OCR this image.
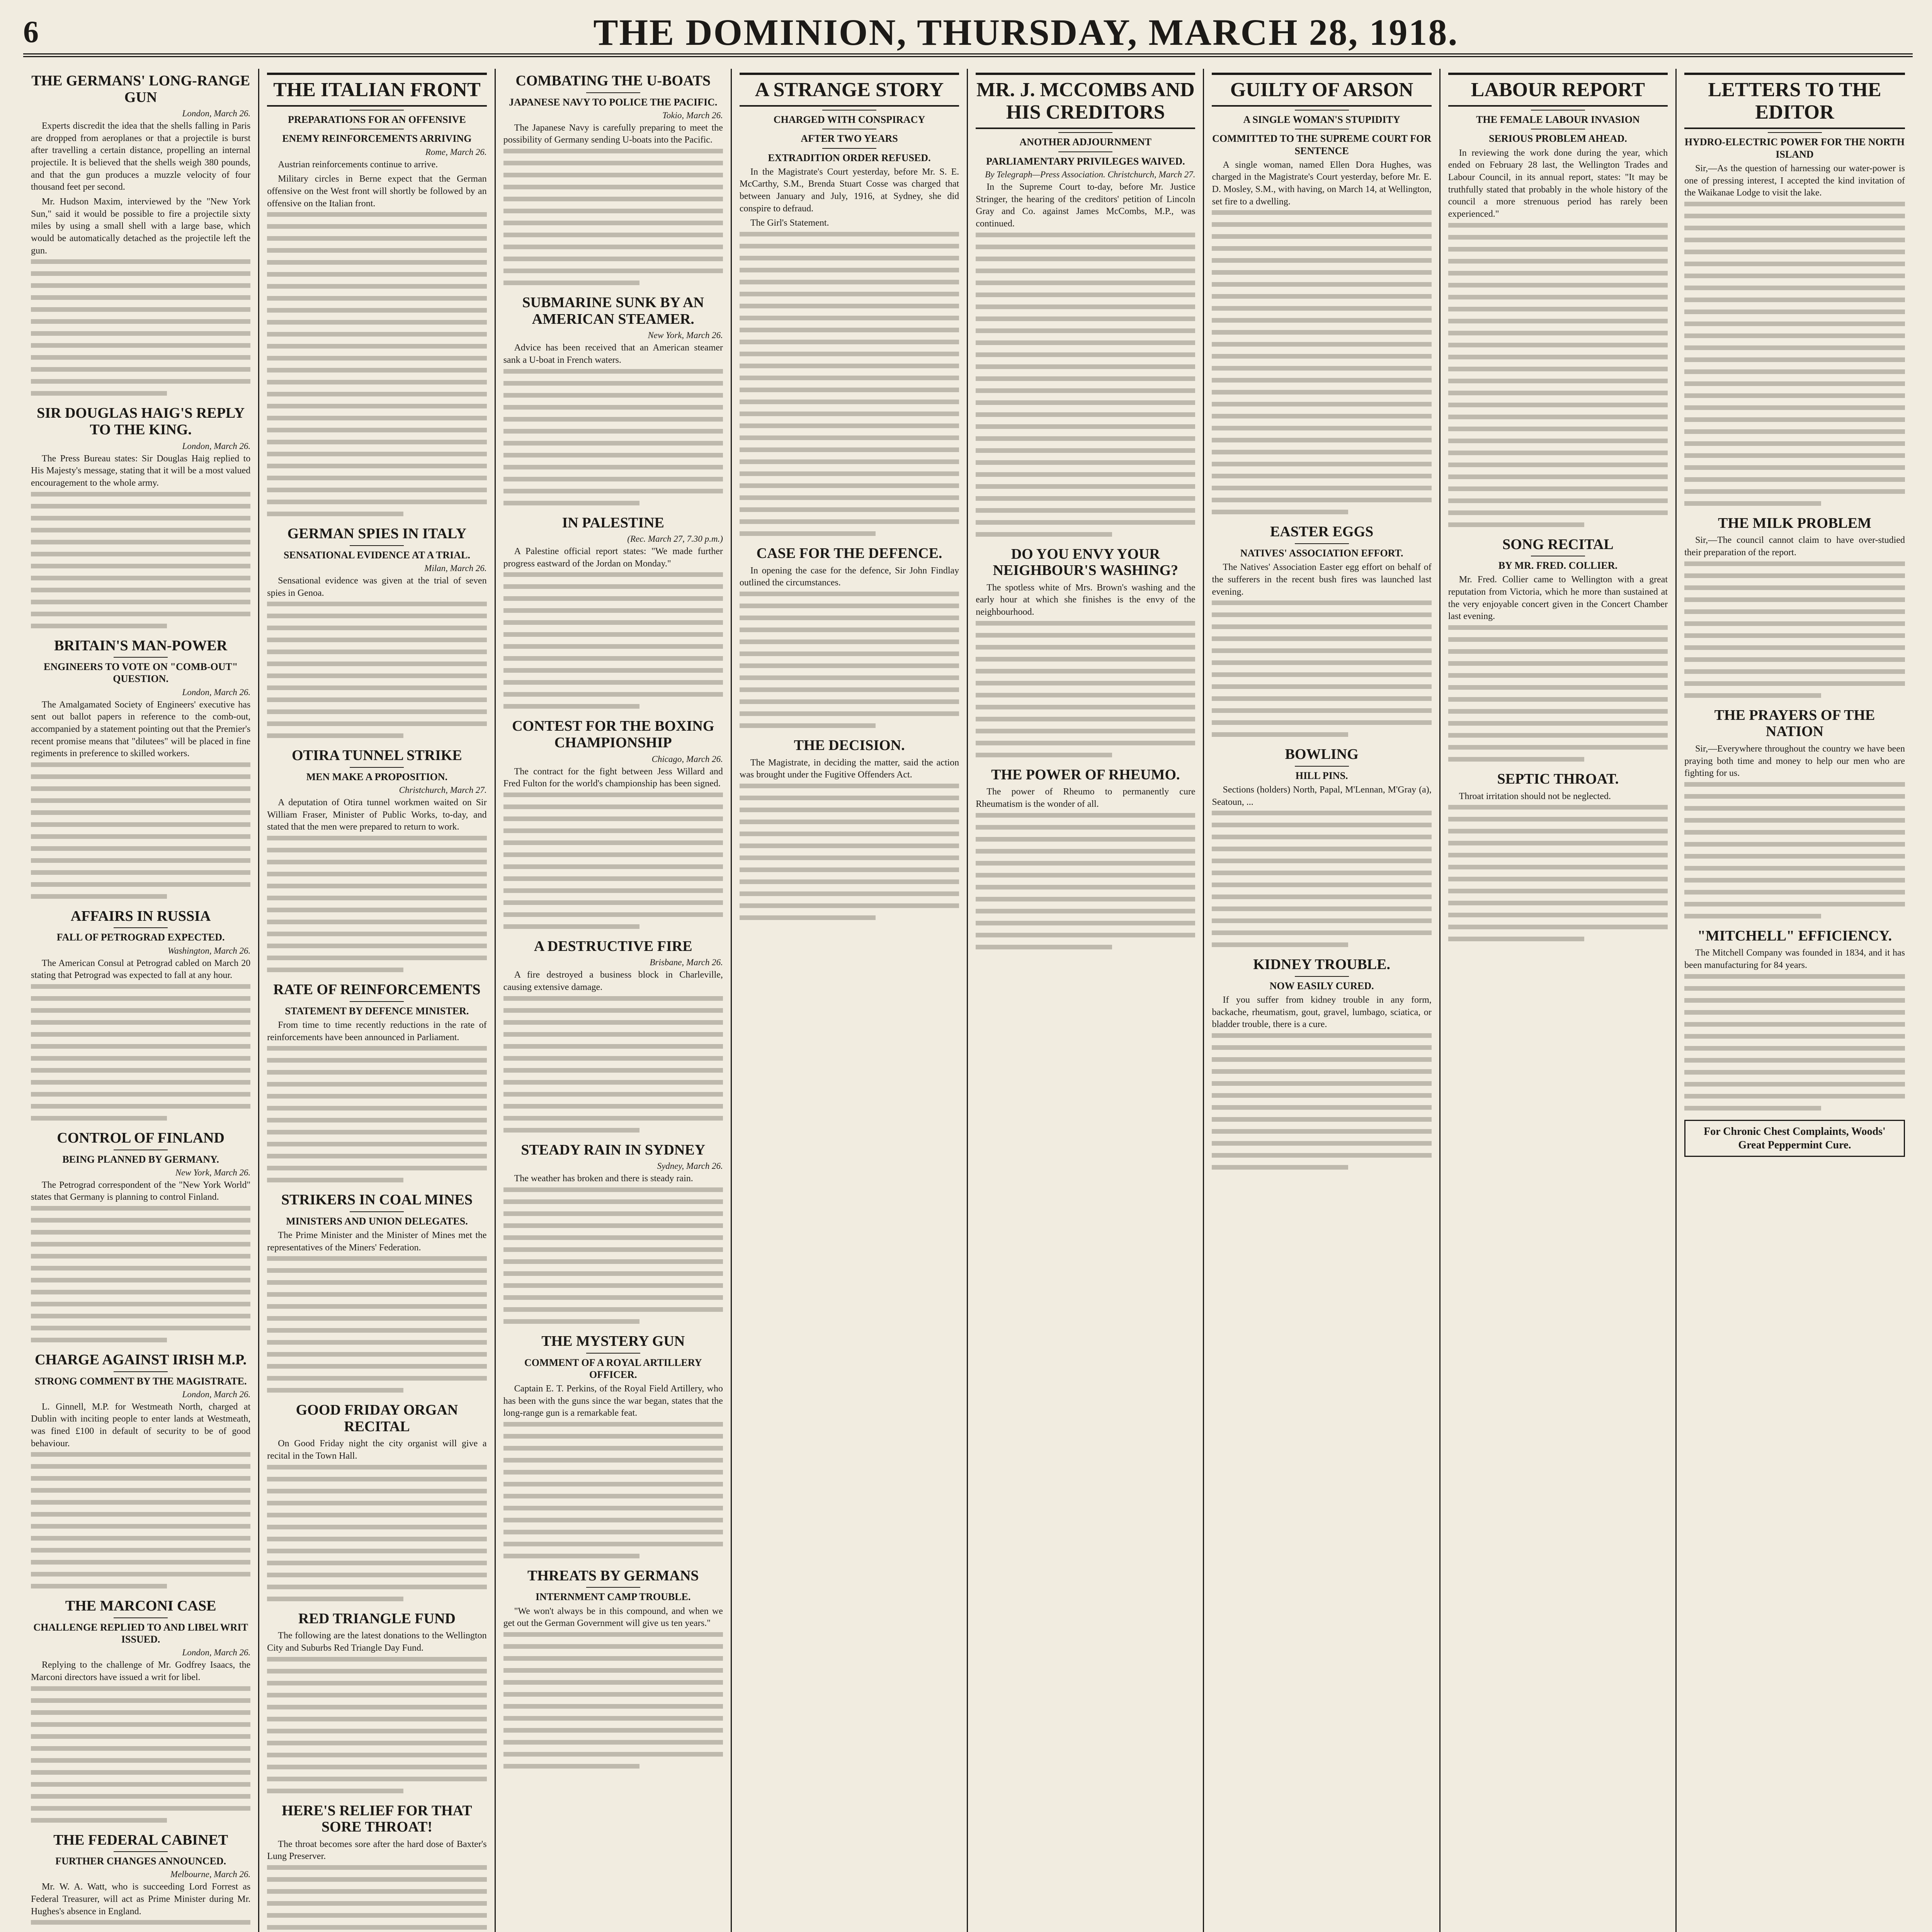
6	THE DOMINION, THURSDAY, MARCH 28, 1918.
THE GERMANS' LONG-RANGE GUN
London, March 26.

Experts discredit the idea that the shells falling in Paris are dropped from aeroplanes or that a projectile is burst after travelling a certain distance, propelling an internal projectile. It is believed that the shells weigh 380 pounds, and that the gun produces a muzzle velocity of four thousand feet per second.

Mr. Hudson Maxim, interviewed by the "New York Sun," said it would be possible to fire a projectile sixty miles by using a small shell with a large base, which would be automatically detached as the projectile left the gun.

SIR DOUGLAS HAIG'S REPLY TO THE KING.
London, March 26.

The Press Bureau states: Sir Douglas Haig replied to His Majesty's message, stating that it will be a most valued encouragement to the whole army.

BRITAIN'S MAN-POWER
ENGINEERS TO VOTE ON "COMB-OUT" QUESTION.
London, March 26.

The Amalgamated Society of Engineers' executive has sent out ballot papers in reference to the comb-out, accompanied by a statement pointing out that the Premier's recent promise means that "dilutees" will be placed in fine regiments in preference to skilled workers.

AFFAIRS IN RUSSIA
FALL OF PETROGRAD EXPECTED.
Washington, March 26.

The American Consul at Petrograd cabled on March 20 stating that Petrograd was expected to fall at any hour.

CONTROL OF FINLAND
BEING PLANNED BY GERMANY.
New York, March 26.

The Petrograd correspondent of the "New York World" states that Germany is planning to control Finland.

CHARGE AGAINST IRISH M.P.
STRONG COMMENT BY THE MAGISTRATE.
London, March 26.

L. Ginnell, M.P. for Westmeath North, charged at Dublin with inciting people to enter lands at Westmeath, was fined £100 in default of security to be of good behaviour.

THE MARCONI CASE
CHALLENGE REPLIED TO AND LIBEL WRIT ISSUED.
London, March 26.

Replying to the challenge of Mr. Godfrey Isaacs, the Marconi directors have issued a writ for libel.

THE FEDERAL CABINET
FURTHER CHANGES ANNOUNCED.
Melbourne, March 26.

Mr. W. A. Watt, who is succeeding Lord Forrest as Federal Treasurer, will act as Prime Minister during Mr. Hughes's absence in England.

THE ITALIAN FRONT
PREPARATIONS FOR AN OFFENSIVE
ENEMY REINFORCEMENTS ARRIVING
Rome, March 26.

Austrian reinforcements continue to arrive.

Military circles in Berne expect that the German offensive on the West front will shortly be followed by an offensive on the Italian front.

GERMAN SPIES IN ITALY
SENSATIONAL EVIDENCE AT A TRIAL.
Milan, March 26.

Sensational evidence was given at the trial of seven spies in Genoa.

OTIRA TUNNEL STRIKE
MEN MAKE A PROPOSITION.
Christchurch, March 27.

A deputation of Otira tunnel workmen waited on Sir William Fraser, Minister of Public Works, to-day, and stated that the men were prepared to return to work.

RATE OF REINFORCEMENTS
STATEMENT BY DEFENCE MINISTER.

From time to time recently reductions in the rate of reinforcements have been announced in Parliament.

STRIKERS IN COAL MINES
MINISTERS AND UNION DELEGATES.

The Prime Minister and the Minister of Mines met the representatives of the Miners' Federation.

GOOD FRIDAY ORGAN RECITAL

On Good Friday night the city organist will give a recital in the Town Hall.

RED TRIANGLE FUND

The following are the latest donations to the Wellington City and Suburbs Red Triangle Day Fund.

HERE'S RELIEF FOR THAT SORE THROAT!

The throat becomes sore after the hard dose of Baxter's Lung Preserver.

COMBATING THE U-BOATS
JAPANESE NAVY TO POLICE THE PACIFIC.
Tokio, March 26.

The Japanese Navy is carefully preparing to meet the possibility of Germany sending U-boats into the Pacific.

SUBMARINE SUNK BY AN AMERICAN STEAMER.
New York, March 26.

Advice has been received that an American steamer sank a U-boat in French waters.

IN PALESTINE
(Rec. March 27, 7.30 p.m.)

A Palestine official report states: "We made further progress eastward of the Jordan on Monday."

CONTEST FOR THE BOXING CHAMPIONSHIP
Chicago, March 26.

The contract for the fight between Jess Willard and Fred Fulton for the world's championship has been signed.

A DESTRUCTIVE FIRE
Brisbane, March 26.

A fire destroyed a business block in Charleville, causing extensive damage.

STEADY RAIN IN SYDNEY
Sydney, March 26.

The weather has broken and there is steady rain.

THE MYSTERY GUN
COMMENT OF A ROYAL ARTILLERY OFFICER.

Captain E. T. Perkins, of the Royal Field Artillery, who has been with the guns since the war began, states that the long-range gun is a remarkable feat.

THREATS BY GERMANS
INTERNMENT CAMP TROUBLE.

"We won't always be in this compound, and when we get out the German Government will give us ten years."

A STRANGE STORY
CHARGED WITH CONSPIRACY
AFTER TWO YEARS
EXTRADITION ORDER REFUSED.

In the Magistrate's Court yesterday, before Mr. S. E. McCarthy, S.M., Brenda Stuart Cosse was charged that between January and July, 1916, at Sydney, she did conspire to defraud.

The Girl's Statement.

CASE FOR THE DEFENCE.

In opening the case for the defence, Sir John Findlay outlined the circumstances.

THE DECISION.

The Magistrate, in deciding the matter, said the action was brought under the Fugitive Offenders Act.

MR. J. MCCOMBS AND HIS CREDITORS
ANOTHER ADJOURNMENT
PARLIAMENTARY PRIVILEGES WAIVED.
By Telegraph—Press Association. Christchurch, March 27.

In the Supreme Court to-day, before Mr. Justice Stringer, the hearing of the creditors' petition of Lincoln Gray and Co. against James McCombs, M.P., was continued.

DO YOU ENVY YOUR NEIGHBOUR'S WASHING?

The spotless white of Mrs. Brown's washing and the early hour at which she finishes is the envy of the neighbourhood.

THE POWER OF RHEUMO.

The power of Rheumo to permanently cure Rheumatism is the wonder of all.

GUILTY OF ARSON
A SINGLE WOMAN'S STUPIDITY
COMMITTED TO THE SUPREME COURT FOR SENTENCE

A single woman, named Ellen Dora Hughes, was charged in the Magistrate's Court yesterday, before Mr. E. D. Mosley, S.M., with having, on March 14, at Wellington, set fire to a dwelling.

EASTER EGGS
NATIVES' ASSOCIATION EFFORT.

The Natives' Association Easter egg effort on behalf of the sufferers in the recent bush fires was launched last evening.

BOWLING
HILL PINS.

Sections (holders) North, Papal, M'Lennan, M'Gray (a), Seatoun, ...

KIDNEY TROUBLE.
NOW EASILY CURED.

If you suffer from kidney trouble in any form, backache, rheumatism, gout, gravel, lumbago, sciatica, or bladder trouble, there is a cure.

LABOUR REPORT
THE FEMALE LABOUR INVASION
SERIOUS PROBLEM AHEAD.

In reviewing the work done during the year, which ended on February 28 last, the Wellington Trades and Labour Council, in its annual report, states: "It may be truthfully stated that probably in the whole history of the council a more strenuous period has rarely been experienced."

SONG RECITAL
BY MR. FRED. COLLIER.

Mr. Fred. Collier came to Wellington with a great reputation from Victoria, which he more than sustained at the very enjoyable concert given in the Concert Chamber last evening.

SEPTIC THROAT.

Throat irritation should not be neglected.

LETTERS TO THE EDITOR
HYDRO-ELECTRIC POWER FOR THE NORTH ISLAND

Sir,—As the question of harnessing our water-power is one of pressing interest, I accepted the kind invitation of the Waikanae Lodge to visit the lake.

THE MILK PROBLEM

Sir,—The council cannot claim to have over-studied their preparation of the report.

THE PRAYERS OF THE NATION

Sir,—Everywhere throughout the country we have been praying both time and money to help our men who are fighting for us.

"MITCHELL" EFFICIENCY.

The Mitchell Company was founded in 1834, and it has been manufacturing for 84 years.

For Chronic Chest Complaints, Woods' Great Peppermint Cure.
